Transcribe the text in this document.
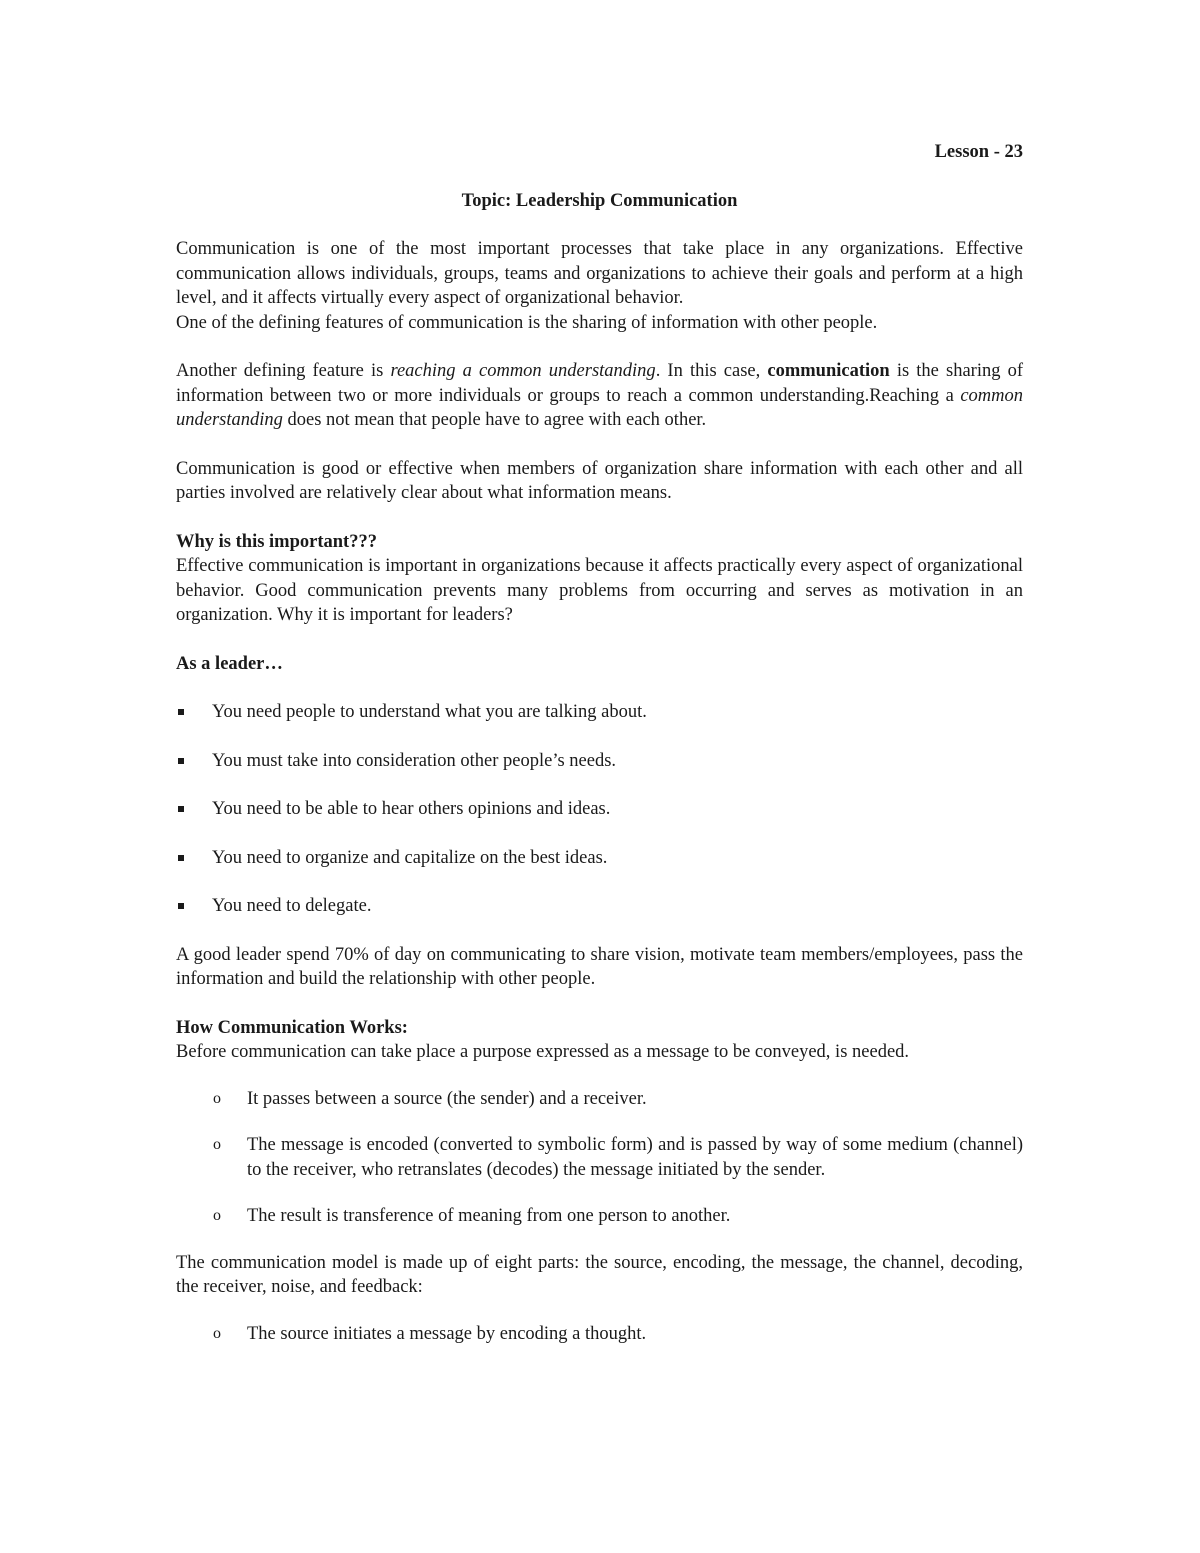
Lesson - 23
Topic: Leadership Communication

Communication is one of the most important processes that take place in any organizations. Effective communication allows individuals, groups, teams and organizations to achieve their goals and perform at a high level, and it affects virtually every aspect of organizational behavior.

One of the defining features of communication is the sharing of information with other people.

Another defining feature is reaching a common understanding. In this case, communication is the sharing of information between two or more individuals or groups to reach a common understanding.Reaching a common understanding does not mean that people have to agree with each other.

Communication is good or effective when members of organization share information with each other and all parties involved are relatively clear about what information means.

Why is this important???

Effective communication is important in organizations because it affects practically every aspect of organizational behavior. Good communication prevents many problems from occurring and serves as motivation in an organization. Why it is important for leaders?

As a leader…
You need people to understand what you are talking about.
You must take into consideration other people’s needs.
You need to be able to hear others opinions and ideas.
You need to organize and capitalize on the best ideas.
You need to delegate.

A good leader spend 70% of day on communicating to share vision, motivate team members/employees, pass the information and build the relationship with other people.

How Communication Works:

Before communication can take place a purpose expressed as a message to be conveyed, is needed.

o It passes between a source (the sender) and a receiver.
o The message is encoded (converted to symbolic form) and is passed by way of some medium (channel) to the receiver, who retranslates (decodes) the message initiated by the sender.
o The result is transference of meaning from one person to another.

The communication model is made up of eight parts: the source, encoding, the message, the channel, decoding, the receiver, noise, and feedback:

o The source initiates a message by encoding a thought.
